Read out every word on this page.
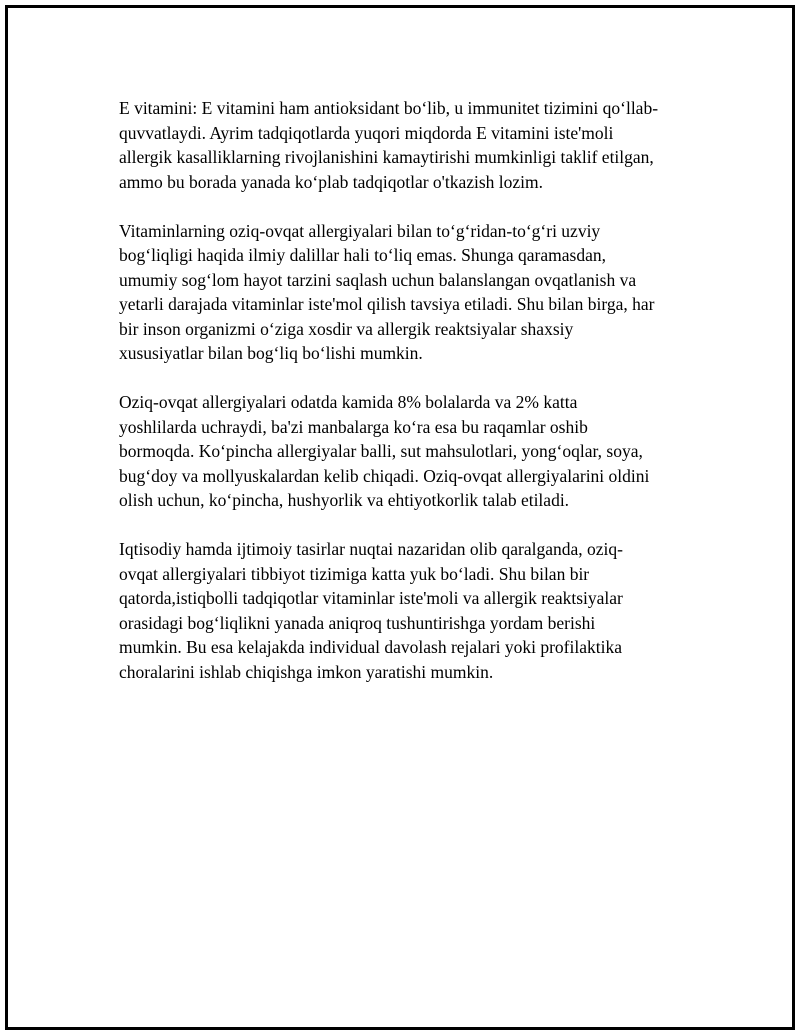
E vitamini: E vitamini ham antioksidant bo‘lib, u immunitet tizimini qo‘llab-
quvvatlaydi. Ayrim tadqiqotlarda yuqori miqdorda E vitamini iste'moli
allergik kasalliklarning rivojlanishini kamaytirishi mumkinligi taklif etilgan,
ammo bu borada yanada ko‘plab tadqiqotlar o'tkazish lozim.

Vitaminlarning oziq-ovqat allergiyalari bilan to‘g‘ridan-to‘g‘ri uzviy
bog‘liqligi haqida ilmiy dalillar hali to‘liq emas. Shunga qaramasdan,
umumiy sog‘lom hayot tarzini saqlash uchun balanslangan ovqatlanish va
yetarli darajada vitaminlar iste'mol qilish tavsiya etiladi. Shu bilan birga, har
bir inson organizmi o‘ziga xosdir va allergik reaktsiyalar shaxsiy
xususiyatlar bilan bog‘liq bo‘lishi mumkin.

Oziq-ovqat allergiyalari odatda kamida 8% bolalarda va 2% katta
yoshlilarda uchraydi, ba'zi manbalarga ko‘ra esa bu raqamlar oshib
bormoqda. Ko‘pincha allergiyalar balli, sut mahsulotlari, yong‘oqlar, soya,
bug‘doy va mollyuskalardan kelib chiqadi. Oziq-ovqat allergiyalarini oldini
olish uchun, ko‘pincha, hushyorlik va ehtiyotkorlik talab etiladi.

Iqtisodiy hamda ijtimoiy tasirlar nuqtai nazaridan olib qaralganda, oziq-
ovqat allergiyalari tibbiyot tizimiga katta yuk bo‘ladi. Shu bilan bir
qatorda,istiqbolli tadqiqotlar vitaminlar iste'moli va allergik reaktsiyalar
orasidagi bog‘liqlikni yanada aniqroq tushuntirishga yordam berishi
mumkin. Bu esa kelajakda individual davolash rejalari yoki profilaktika
choralarini ishlab chiqishga imkon yaratishi mumkin.
